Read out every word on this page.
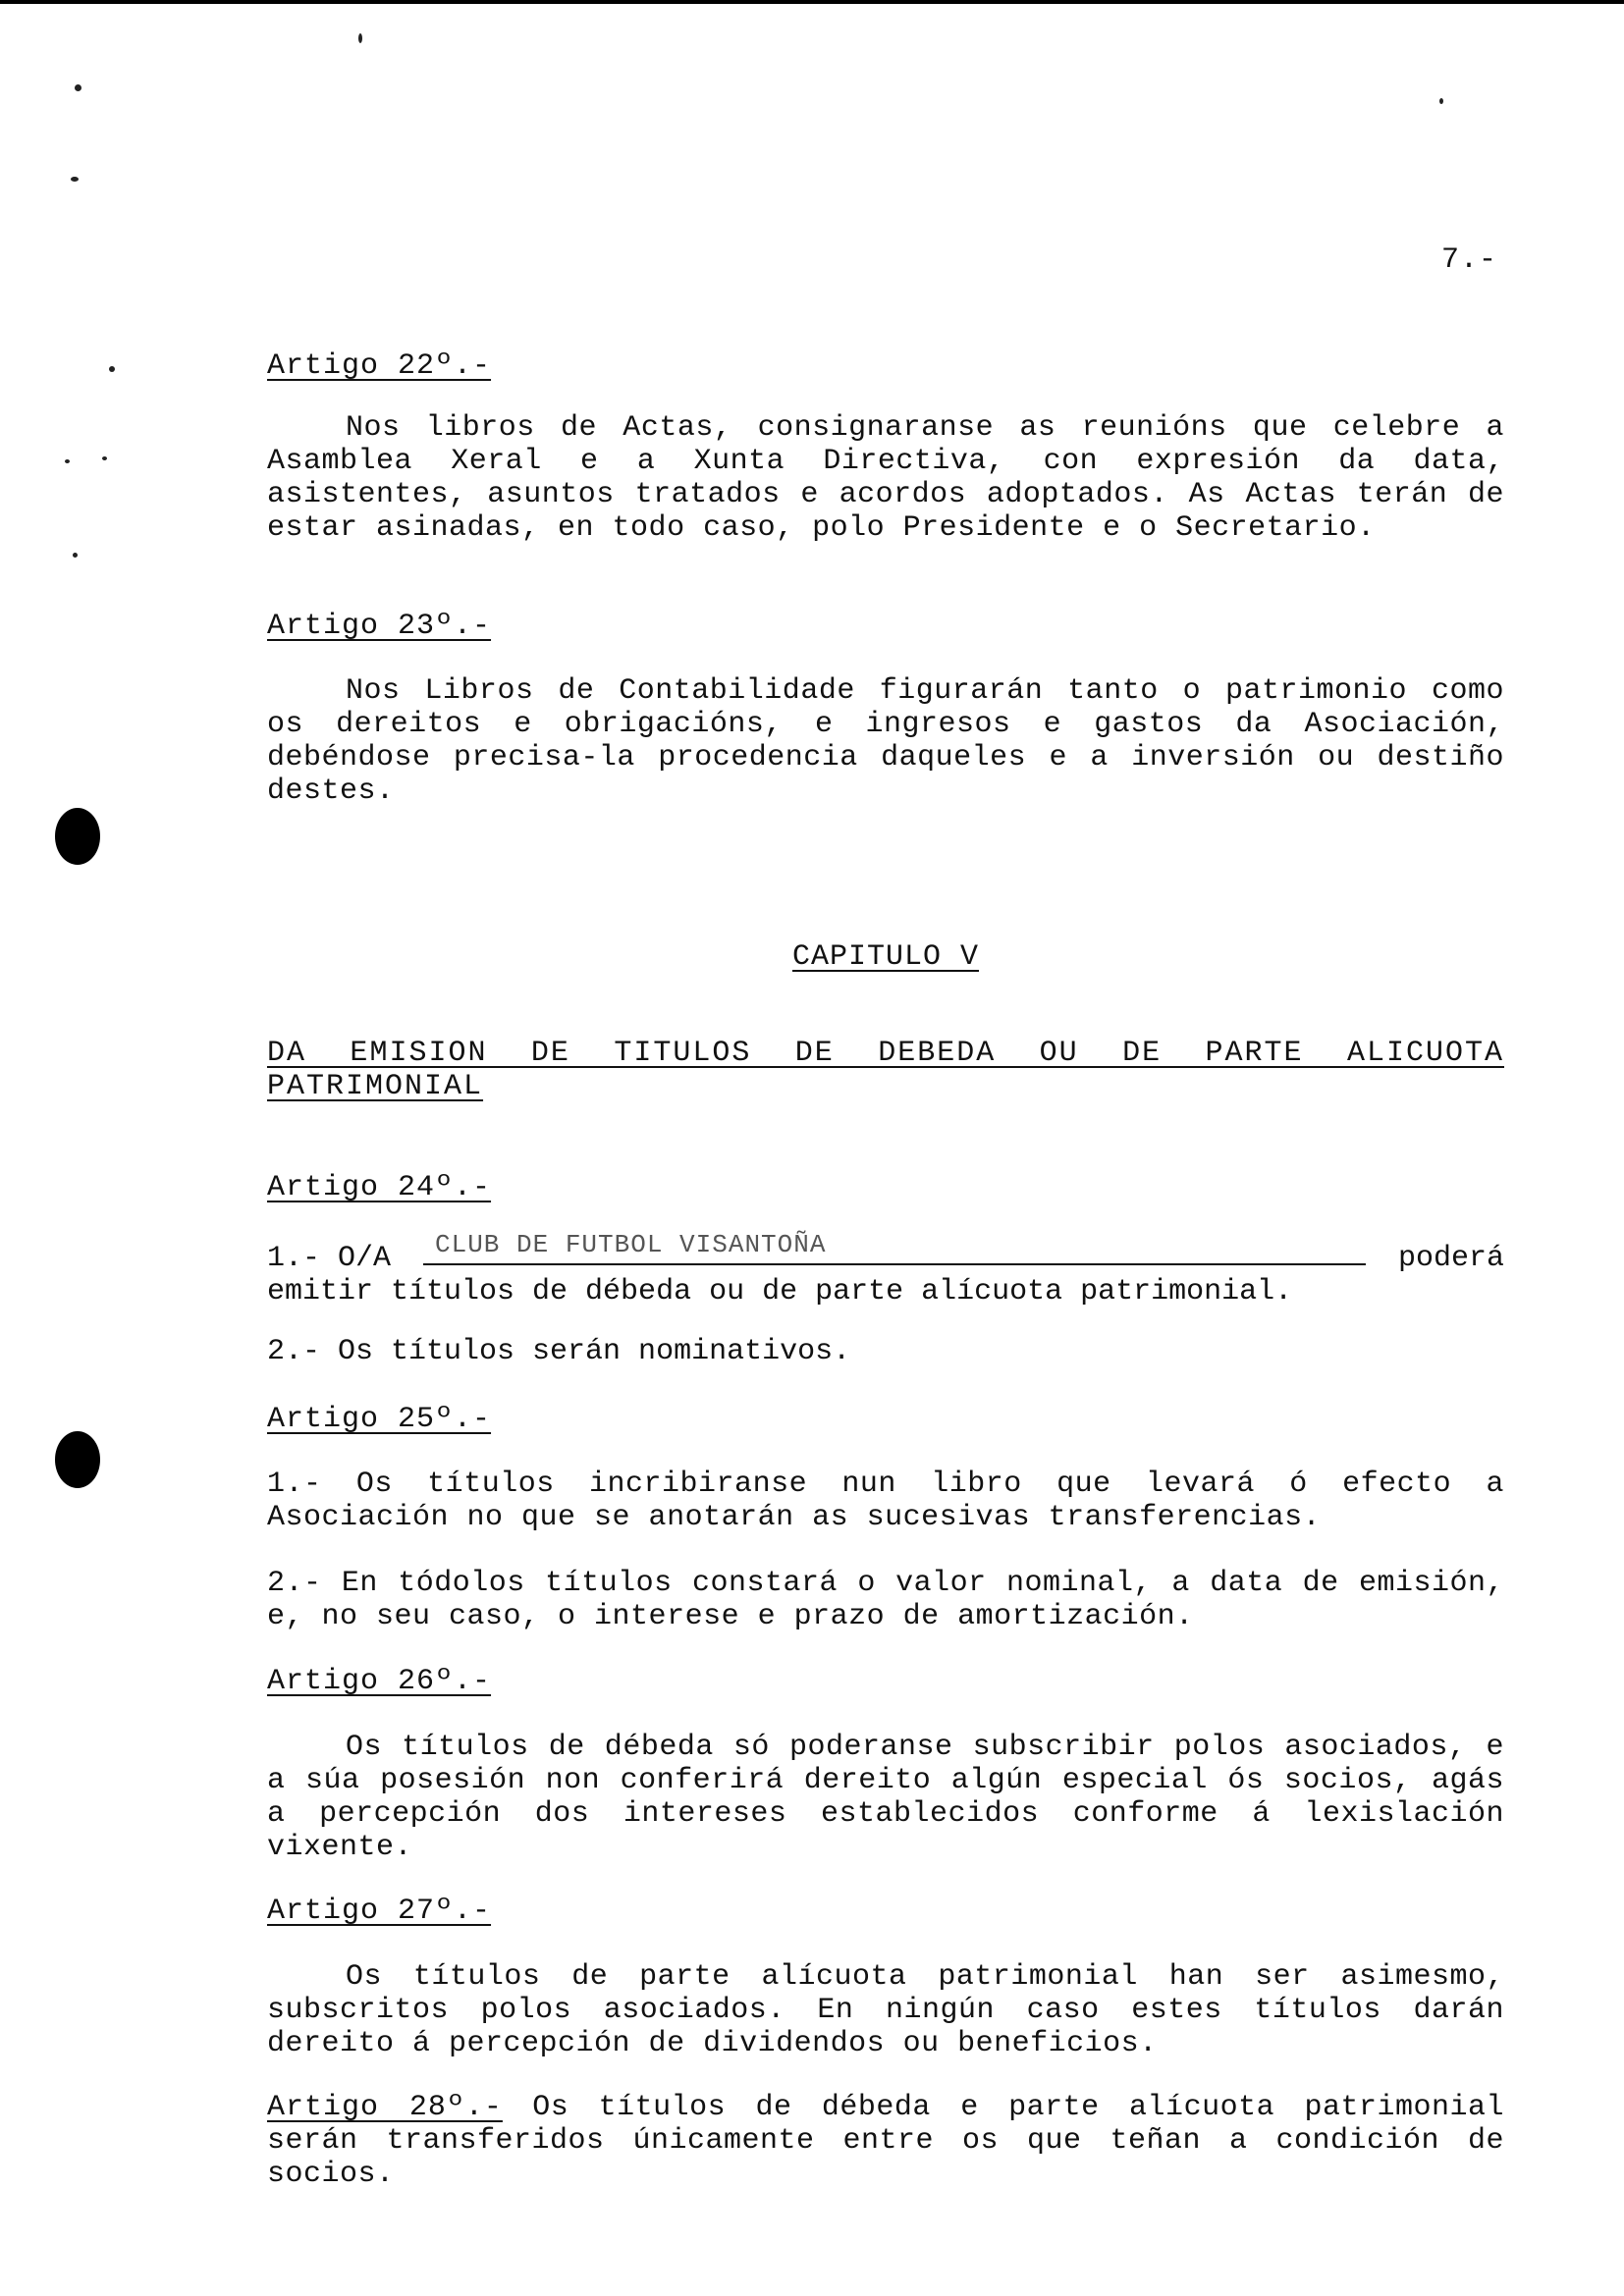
7.-
Artigo 22º.-
Nos libros de Actas, consignaranse as reunións que celebre a Asamblea Xeral e a Xunta Directiva, con expresión da data, asistentes, asuntos tratados e acordos adoptados. As Actas terán de estar asinadas, en todo caso, polo Presidente e o Secretario.
Artigo 23º.-
Nos Libros de Contabilidade figurarán tanto o patrimonio como os dereitos e obrigacións, e ingresos e gastos da Asociación, debéndose precisa-la procedencia daqueles e a inversión ou destiño destes.
CAPITULO V
DA EMISION DE TITULOS DE DEBEDA OU DE PARTE ALICUOTA PATRIMONIAL
Artigo 24º.-
1.- O/A CLUB DE FUTBOL VISANTOÑA	poderá
emitir títulos de débeda ou de parte alícuota patrimonial.
2.- Os títulos serán nominativos.
Artigo 25º.-
1.- Os títulos incribiranse nun libro que levará ó efecto a Asociación no que se anotarán as sucesivas transferencias.
2.- En tódolos títulos constará o valor nominal, a data de emisión, e, no seu caso, o interese e prazo de amortización.
Artigo 26º.-
Os títulos de débeda só poderanse subscribir polos asociados, e a súa posesión non conferirá dereito algún especial ós socios, agás a percepción dos intereses establecidos conforme á lexislación vixente.
Artigo 27º.-
Os títulos de parte alícuota patrimonial han ser asimesmo, subscritos polos asociados. En ningún caso estes títulos darán dereito á percepción de dividendos ou beneficios.
Artigo 28º.- Os títulos de débeda e parte alícuota patrimonial serán transferidos únicamente entre os que teñan a condición de socios.
